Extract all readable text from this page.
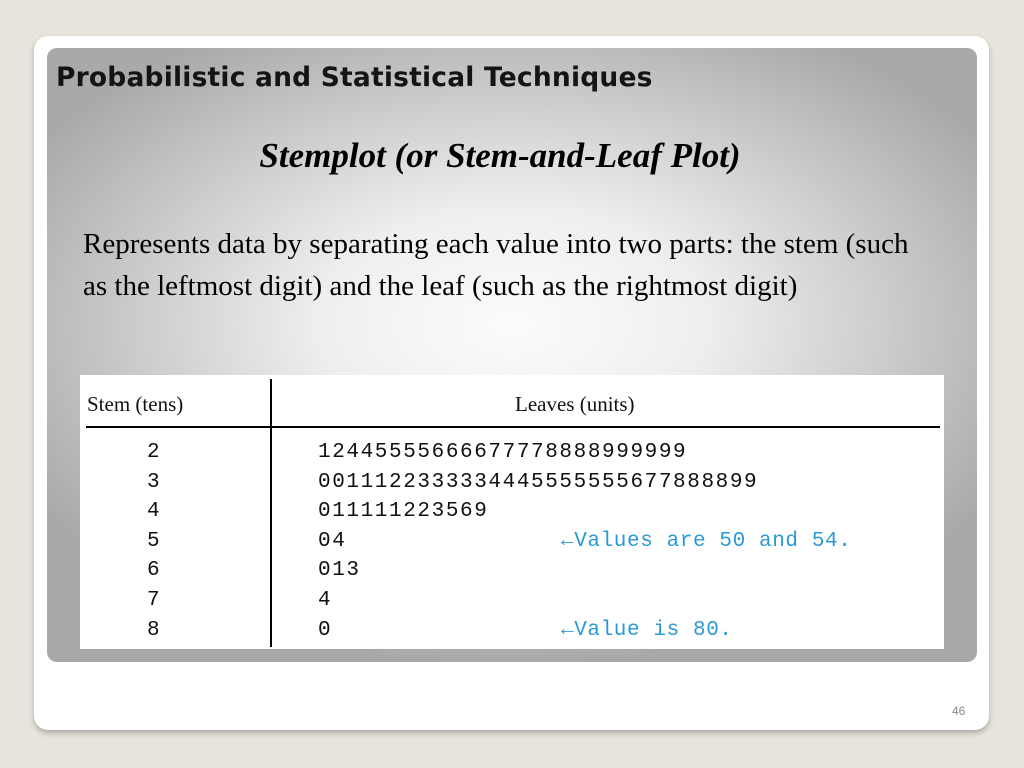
Probabilistic and Statistical Techniques
Stemplot (or Stem-and-Leaf Plot)
Represents data by separating each value into two parts: the stem (such as the leftmost digit) and the leaf (such as the rightmost digit)
Stem (tens)	Leaves (units)
2	12445555666677778888999999
3	0011122333334445555555677888899
4	011111223569
5	04	←Values are 50 and 54.
6	013
7	4
8	0	←Value is 80.
46
